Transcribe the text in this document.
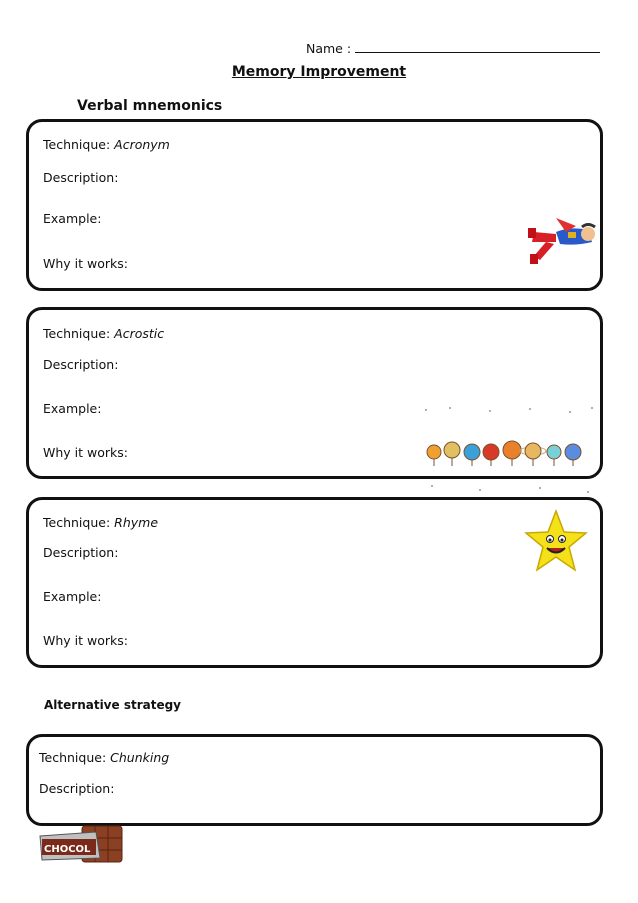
Name :
Memory Improvement
Verbal mnemonics
Technique: Acronym
Description:
Example:
Why it works:
Technique: Acrostic
Description:
Example:
Why it works:
Technique: Rhyme
Description:
Example:
Why it works:
Alternative strategy
Technique: Chunking
Description:
CHOCOL
